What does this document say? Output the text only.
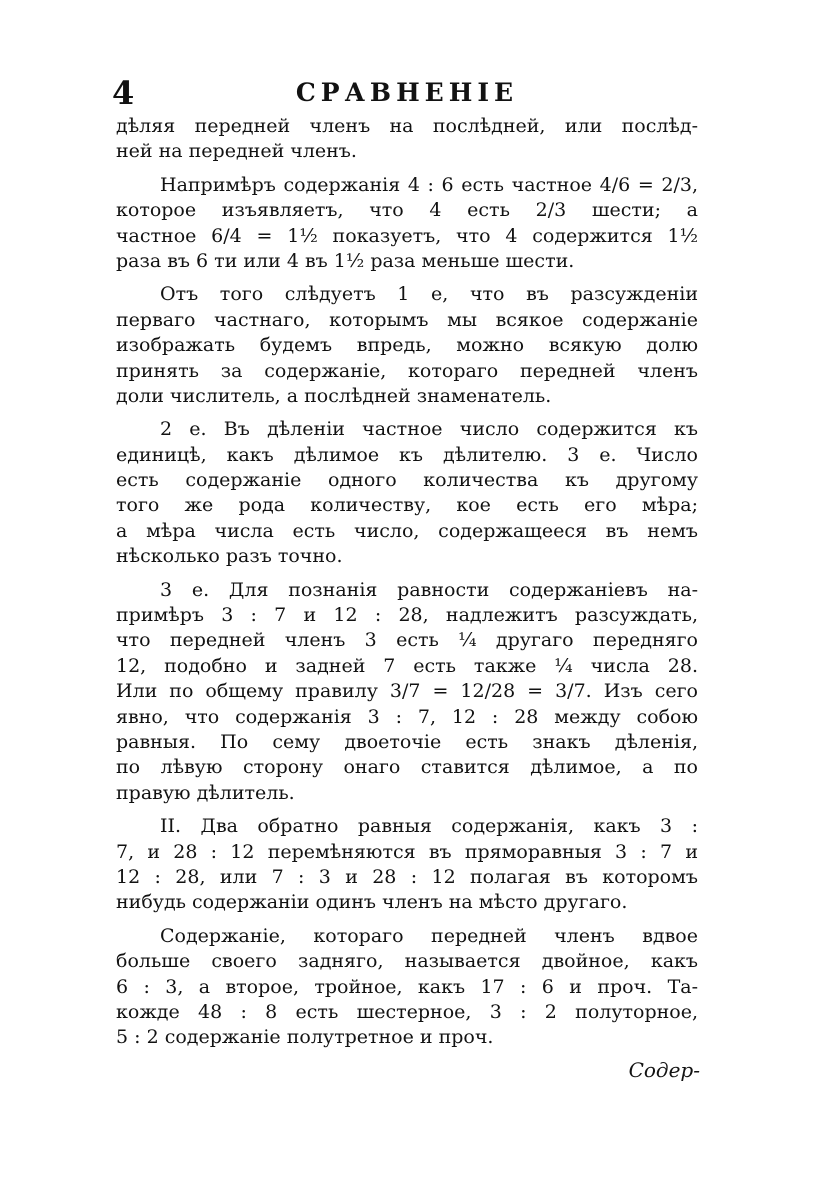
4	СРАВНЕНIЕ
дѣляя передней членъ на послѣдней, или послѣд-
ней на передней членъ.
Напримѣръ содержанiя 4 : 6 есть частное 4/6 = 2/3,
которое изъявляетъ, что 4 есть 2/3 шести; а
частное 6/4 = 1½ показуетъ, что 4 содержится 1½
раза въ 6 ти или 4 въ 1½ раза меньше шести.
Отъ того слѣдуетъ 1 е, что въ разсужденiи
перваго частнаго, которымъ мы всякое содержанiе
изображать будемъ впредь, можно всякую долю
принять за содержанiе, котораго передней членъ
доли числитель, а послѣдней знаменатель.
2 е. Въ дѣленiи частное число содержится къ
единицѣ, какъ дѣлимое къ дѣлителю. 3 е. Число
есть содержанiе одного количества къ другому
того же рода количеству, кое есть его мѣра;
а мѣра числа есть число, содержащееся въ немъ
нѣсколько разъ точно.
3 е. Для познанiя равности содержанiевъ на-
примѣръ 3 : 7 и 12 : 28, надлежитъ разсуждать,
что передней членъ 3 есть ¼ другаго передняго
12, подобно и задней 7 есть также ¼ числа 28.
Или по общему правилу 3/7 = 12/28 = 3/7. Изъ сего
явно, что содержанiя 3 : 7, 12 : 28 между собою
равныя. По сему двоеточiе есть знакъ дѣленiя,
по лѣвую сторону онаго ставится дѣлимое, а по
правую дѣлитель.
II. Два обратно равныя содержанiя, какъ 3 :
7, и 28 : 12 перемѣняются въ пряморавныя 3 : 7 и
12 : 28, или 7 : 3 и 28 : 12 полагая въ которомъ
нибудь содержанiи одинъ членъ на мѣсто другаго.
Содержанiе, котораго передней членъ вдвое
больше своего задняго, называется двойное, какъ
6 : 3, а второе, тройное, какъ 17 : 6 и проч. Та-
кожде 48 : 8 есть шестерное, 3 : 2 полуторное,
5 : 2 содержанiе полутретное и проч.
Содер-
